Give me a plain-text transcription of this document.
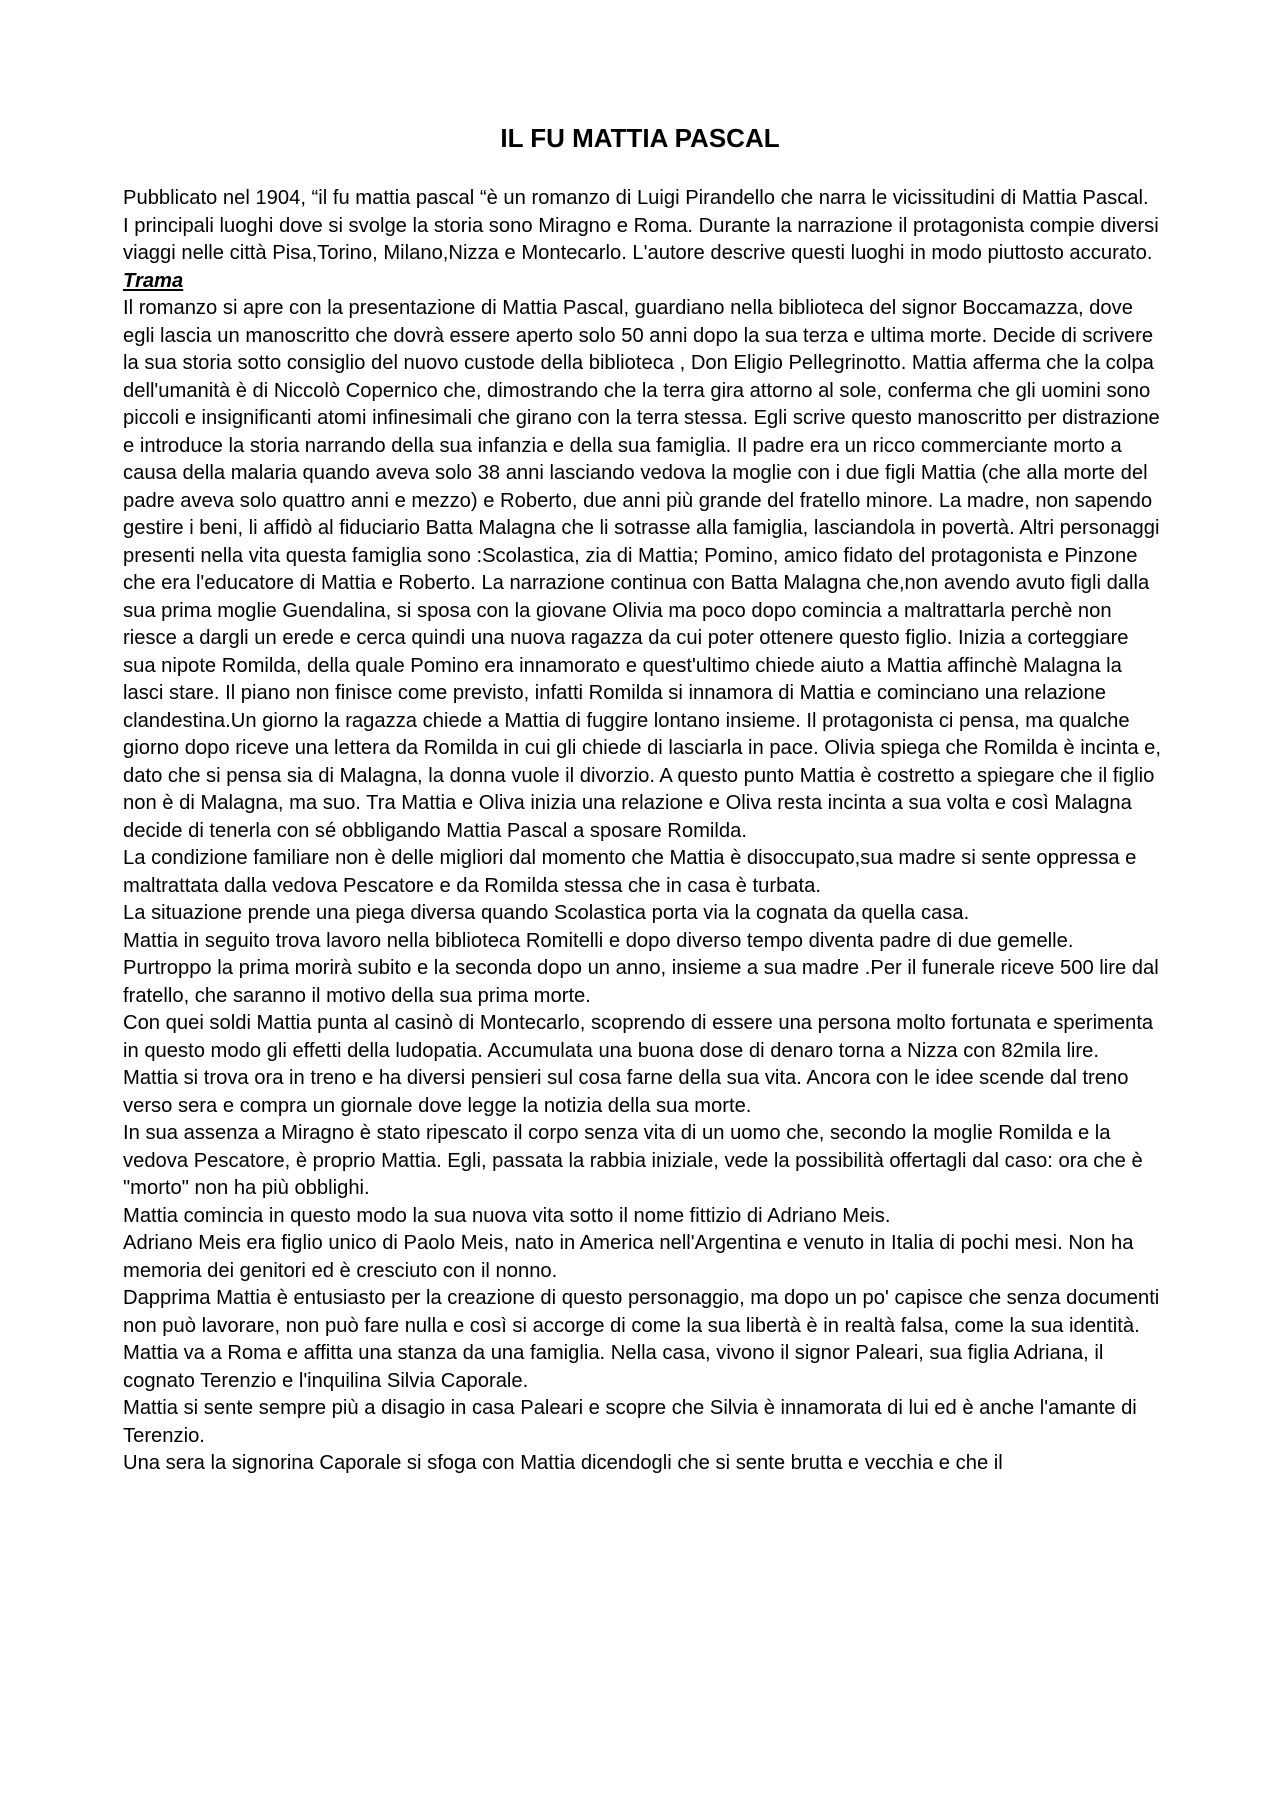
IL FU MATTIA PASCAL

Pubblicato nel 1904, “il fu mattia pascal “è un romanzo di Luigi Pirandello che narra le vicissitudini di Mattia Pascal.

I principali luoghi dove si svolge la storia sono Miragno e Roma. Durante la narrazione il protagonista compie diversi viaggi nelle città Pisa,Torino, Milano,Nizza e Montecarlo. L'autore descrive questi luoghi in modo piuttosto accurato.

Trama

Il romanzo si apre con la presentazione di Mattia Pascal, guardiano nella biblioteca del signor Boccamazza, dove egli lascia un manoscritto che dovrà essere aperto solo 50 anni dopo la sua terza e ultima morte. Decide di scrivere la sua storia sotto consiglio del nuovo custode della biblioteca , Don Eligio Pellegrinotto. Mattia afferma che la colpa dell'umanità è di Niccolò Copernico che, dimostrando che la terra gira attorno al sole, conferma che gli uomini sono piccoli e insignificanti atomi infinesimali che girano con la terra stessa. Egli scrive questo manoscritto per distrazione e introduce la storia narrando della sua infanzia e della sua famiglia. Il padre era un ricco commerciante morto a causa della malaria quando aveva solo 38 anni lasciando vedova la moglie con i due figli Mattia (che alla morte del padre aveva solo quattro anni e mezzo) e Roberto, due anni più grande del fratello minore. La madre, non sapendo gestire i beni, li affidò al fiduciario Batta Malagna che li sotrasse alla famiglia, lasciandola in povertà. Altri personaggi presenti nella vita questa famiglia sono :Scolastica, zia di Mattia; Pomino, amico fidato del protagonista e Pinzone che era l'educatore di Mattia e Roberto. La narrazione continua con Batta Malagna che,non avendo avuto figli dalla sua prima moglie Guendalina, si sposa con la giovane Olivia ma poco dopo comincia a maltrattarla perchè non riesce a dargli un erede e cerca quindi una nuova ragazza da cui poter ottenere questo figlio. Inizia a corteggiare sua nipote Romilda, della quale Pomino era innamorato e quest'ultimo chiede aiuto a Mattia affinchè Malagna la lasci stare. Il piano non finisce come previsto, infatti Romilda si innamora di Mattia e cominciano una relazione clandestina.Un giorno la ragazza chiede a Mattia di fuggire lontano insieme. Il protagonista ci pensa, ma qualche giorno dopo riceve una lettera da Romilda in cui gli chiede di lasciarla in pace. Olivia spiega che Romilda è incinta e, dato che si pensa sia di Malagna, la donna vuole il divorzio. A questo punto Mattia è costretto a spiegare che il figlio non è di Malagna, ma suo. Tra Mattia e Oliva inizia una relazione e Oliva resta incinta a sua volta e così Malagna decide di tenerla con sé obbligando Mattia Pascal a sposare Romilda.

La condizione familiare non è delle migliori dal momento che Mattia è disoccupato,sua madre si sente oppressa e maltrattata dalla vedova Pescatore e da Romilda stessa che in casa è turbata.

La situazione prende una piega diversa quando Scolastica porta via la cognata da quella casa.

Mattia in seguito trova lavoro nella biblioteca Romitelli e dopo diverso tempo diventa padre di due gemelle. Purtroppo la prima morirà subito e la seconda dopo un anno, insieme a sua madre .Per il funerale riceve 500 lire dal fratello, che saranno il motivo della sua prima morte.

Con quei soldi Mattia punta al casinò di Montecarlo, scoprendo di essere una persona molto fortunata e sperimenta in questo modo gli effetti della ludopatia. Accumulata una buona dose di denaro torna a Nizza con 82mila lire.

Mattia si trova ora in treno e ha diversi pensieri sul cosa farne della sua vita. Ancora con le idee scende dal treno verso sera e compra un giornale dove legge la notizia della sua morte.

In sua assenza a Miragno è stato ripescato il corpo senza vita di un uomo che, secondo la moglie Romilda e la vedova Pescatore, è proprio Mattia. Egli, passata la rabbia iniziale, vede la possibilità offertagli dal caso: ora che è "morto" non ha più obblighi.

Mattia comincia in questo modo la sua nuova vita sotto il nome fittizio di Adriano Meis.

Adriano Meis era figlio unico di Paolo Meis, nato in America nell'Argentina e venuto in Italia di pochi mesi. Non ha memoria dei genitori ed è cresciuto con il nonno.

Dapprima Mattia è entusiasto per la creazione di questo personaggio, ma dopo un po' capisce che senza documenti non può lavorare, non può fare nulla e così si accorge di come la sua libertà è in realtà falsa, come la sua identità.

Mattia va a Roma e affitta una stanza da una famiglia. Nella casa, vivono il signor Paleari, sua figlia Adriana, il cognato Terenzio e l'inquilina Silvia Caporale.

Mattia si sente sempre più a disagio in casa Paleari e scopre che Silvia è innamorata di lui ed è anche l'amante di Terenzio.

Una sera la signorina Caporale si sfoga con Mattia dicendogli che si sente brutta e vecchia e che il
